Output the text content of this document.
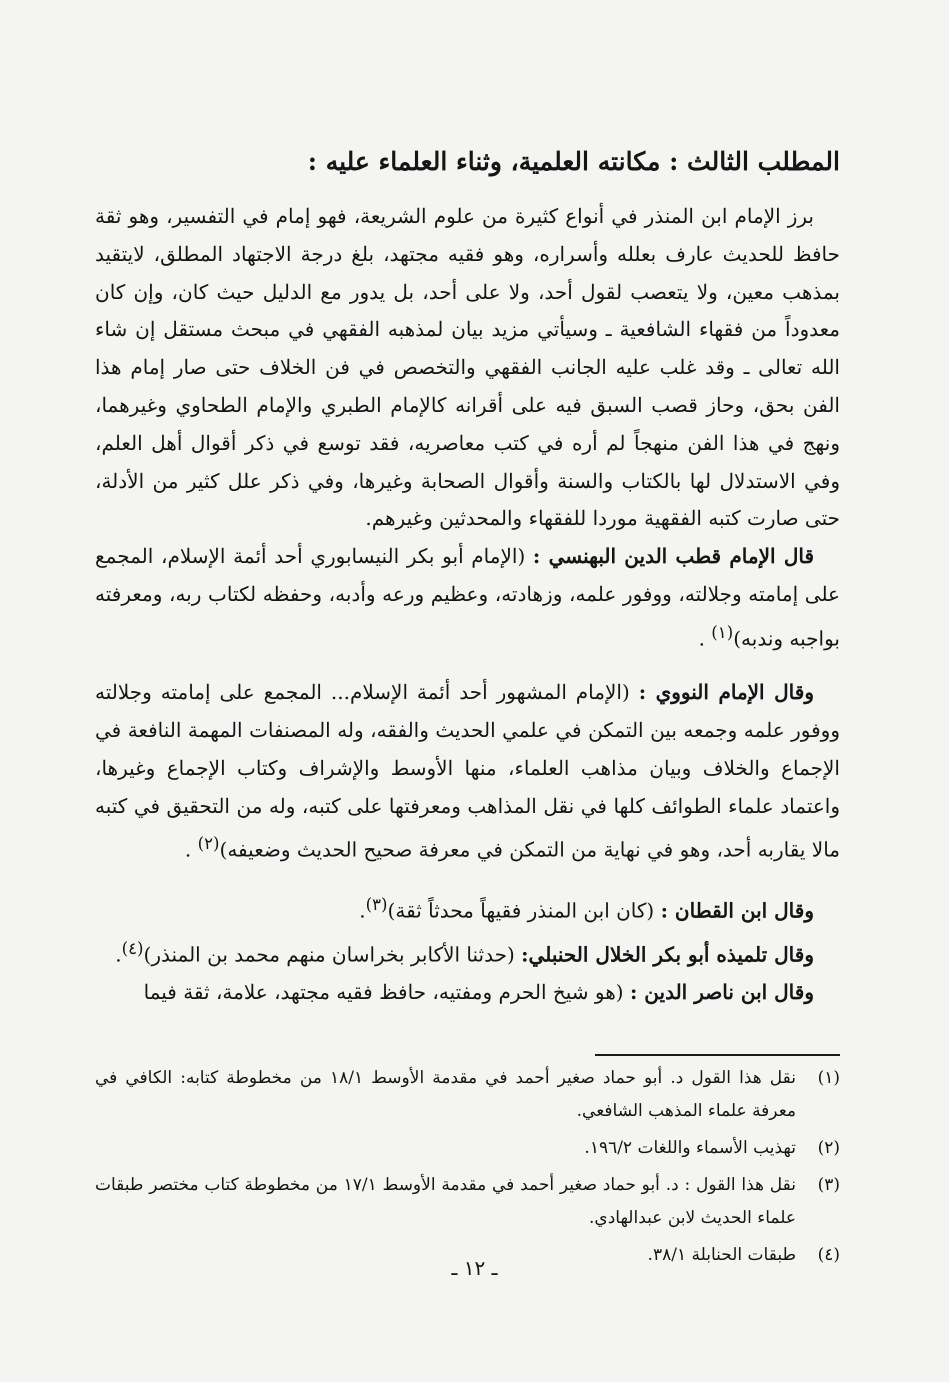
المطلب الثالث : مكانته العلمية، وثناء العلماء عليه :

برز الإمام ابن المنذر في أنواع كثيرة من علوم الشريعة، فهو إمام في التفسير، وهو ثقة حافظ للحديث عارف بعلله وأسراره، وهو فقيه مجتهد، بلغ درجة الاجتهاد المطلق، لايتقيد بمذهب معين، ولا يتعصب لقول أحد، ولا على أحد، بل يدور مع الدليل حيث كان، وإن كان معدوداً من فقهاء الشافعية ـ وسيأتي مزيد بيان لمذهبه الفقهي في مبحث مستقل إن شاء الله تعالى ـ وقد غلب عليه الجانب الفقهي والتخصص في فن الخلاف حتى صار إمام هذا الفن بحق، وحاز قصب السبق فيه على أقرانه كالإمام الطبري والإمام الطحاوي وغيرهما، ونهج في هذا الفن منهجاً لم أره في كتب معاصريه، فقد توسع في ذكر أقوال أهل العلم، وفي الاستدلال لها بالكتاب والسنة وأقوال الصحابة وغيرها، وفي ذكر علل كثير من الأدلة، حتى صارت كتبه الفقهية موردا للفقهاء والمحدثين وغيرهم.

قال الإمام قطب الدين البهنسي : (الإمام أبو بكر النيسابوري أحد أئمة الإسلام، المجمع على إمامته وجلالته، ووفور علمه، وزهادته، وعظيم ورعه وأدبه، وحفظه لكتاب ربه، ومعرفته بواجبه وندبه)$^{(١)}$ .

وقال الإمام النووي : (الإمام المشهور أحد أئمة الإسلام... المجمع على إمامته وجلالته ووفور علمه وجمعه بين التمكن في علمي الحديث والفقه، وله المصنفات المهمة النافعة في الإجماع والخلاف وبيان مذاهب العلماء، منها الأوسط والإشراف وكتاب الإجماع وغيرها، واعتماد علماء الطوائف كلها في نقل المذاهب ومعرفتها على كتبه، وله من التحقيق في كتبه مالا يقاربه أحد، وهو في نهاية من التمكن في معرفة صحيح الحديث وضعيفه)$^{(٢)}$ .

وقال ابن القطان : (كان ابن المنذر فقيهاً محدثاً ثقة)$^{(٣)}$.

وقال تلميذه أبو بكر الخلال الحنبلي: (حدثنا الأكابر بخراسان منهم محمد بن المنذر)$^{(٤)}$.

وقال ابن ناصر الدين : (هو شيخ الحرم ومفتيه، حافظ فقيه مجتهد، علامة، ثقة فيما

(١)
نقل هذا القول د. أبو حماد صغير أحمد في مقدمة الأوسط ١٨/١ من مخطوطة كتابه: الكافي في معرفة علماء المذهب الشافعي.
(٢)
تهذيب الأسماء واللغات ١٩٦/٢.
(٣)
نقل هذا القول : د. أبو حماد صغير أحمد في مقدمة الأوسط ١٧/١ من مخطوطة كتاب مختصر طبقات علماء الحديث لابن عبدالهادي.
(٤)
طبقات الحنابلة ٣٨/١.
ـ ١٢ ـ
